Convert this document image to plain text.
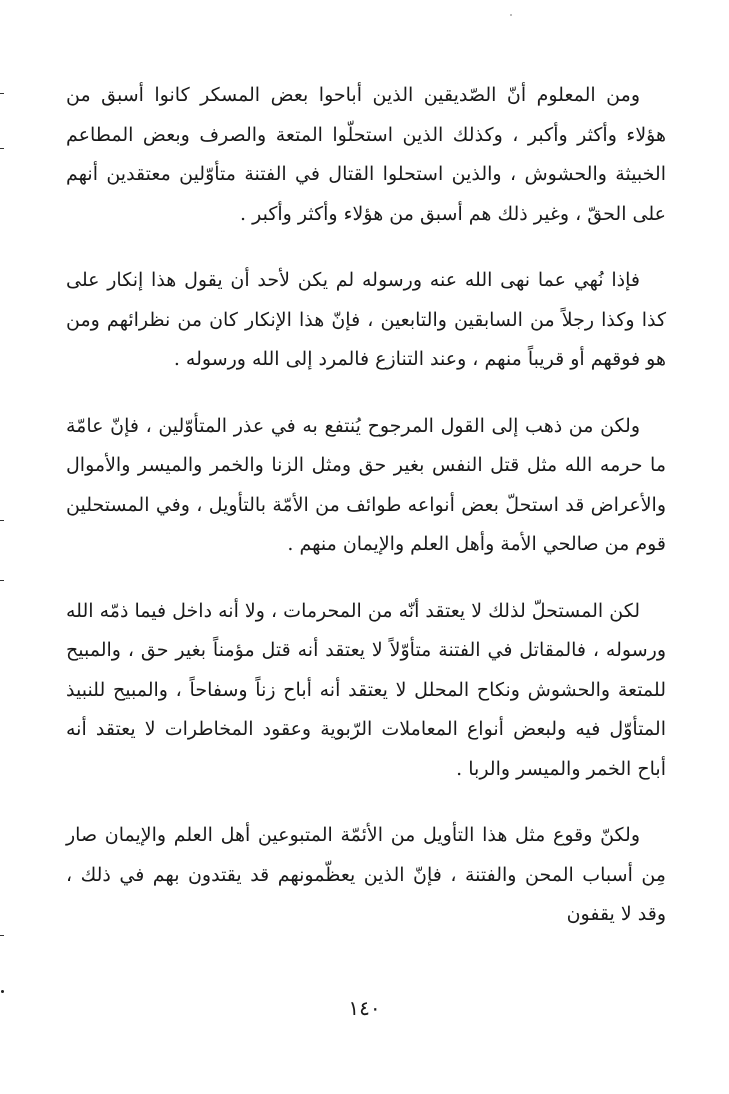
ومن المعلوم أنّ الصّديقين الذين أباحوا بعض المسكر كانوا أسبق من هؤلاء وأكثر وأكبر ، وكذلك الذين استحلّوا المتعة والصرف وبعض المطاعم الخبيثة والحشوش ، والذين استحلوا القتال في الفتنة متأوّلين معتقدين أنهم على الحقّ ، وغير ذلك هم أسبق من هؤلاء وأكثر وأكبر .

فإذا نُهي عما نهى الله عنه ورسوله لم يكن لأحد أن يقول هذا إنكار على كذا وكذا رجلاً من السابقين والتابعين ، فإنّ هذا الإنكار كان من نظرائهم ومن هو فوقهم أو قريباً منهم ، وعند التنازع فالمرد إلى الله ورسوله .

ولكن من ذهب إلى القول المرجوح يُنتفع به في عذر المتأوّلين ، فإنّ عامّة ما حرمه الله مثل قتل النفس بغير حق ومثل الزنا والخمر والميسر والأموال والأعراض قد استحلّ بعض أنواعه طوائف من الأمّة بالتأويل ، وفي المستحلين قوم من صالحي الأمة وأهل العلم والإيمان منهم .

لكن المستحلّ لذلك لا يعتقد أنّه من المحرمات ، ولا أنه داخل فيما ذمّه الله ورسوله ، فالمقاتل في الفتنة متأوّلاً لا يعتقد أنه قتل مؤمناً بغير حق ، والمبيح للمتعة والحشوش ونكاح المحلل لا يعتقد أنه أباح زناً وسفاحاً ، والمبيح للنبيذ المتأوّل فيه ولبعض أنواع المعاملات الرّبوية وعقود المخاطرات لا يعتقد أنه أباح الخمر والميسر والربا .

ولكنّ وقوع مثل هذا التأويل من الأئمّة المتبوعين أهل العلم والإيمان صار مِن أسباب المحن والفتنة ، فإنّ الذين يعظّمونهم قد يقتدون بهم في ذلك ، وقد لا يقفون

١٤٠
